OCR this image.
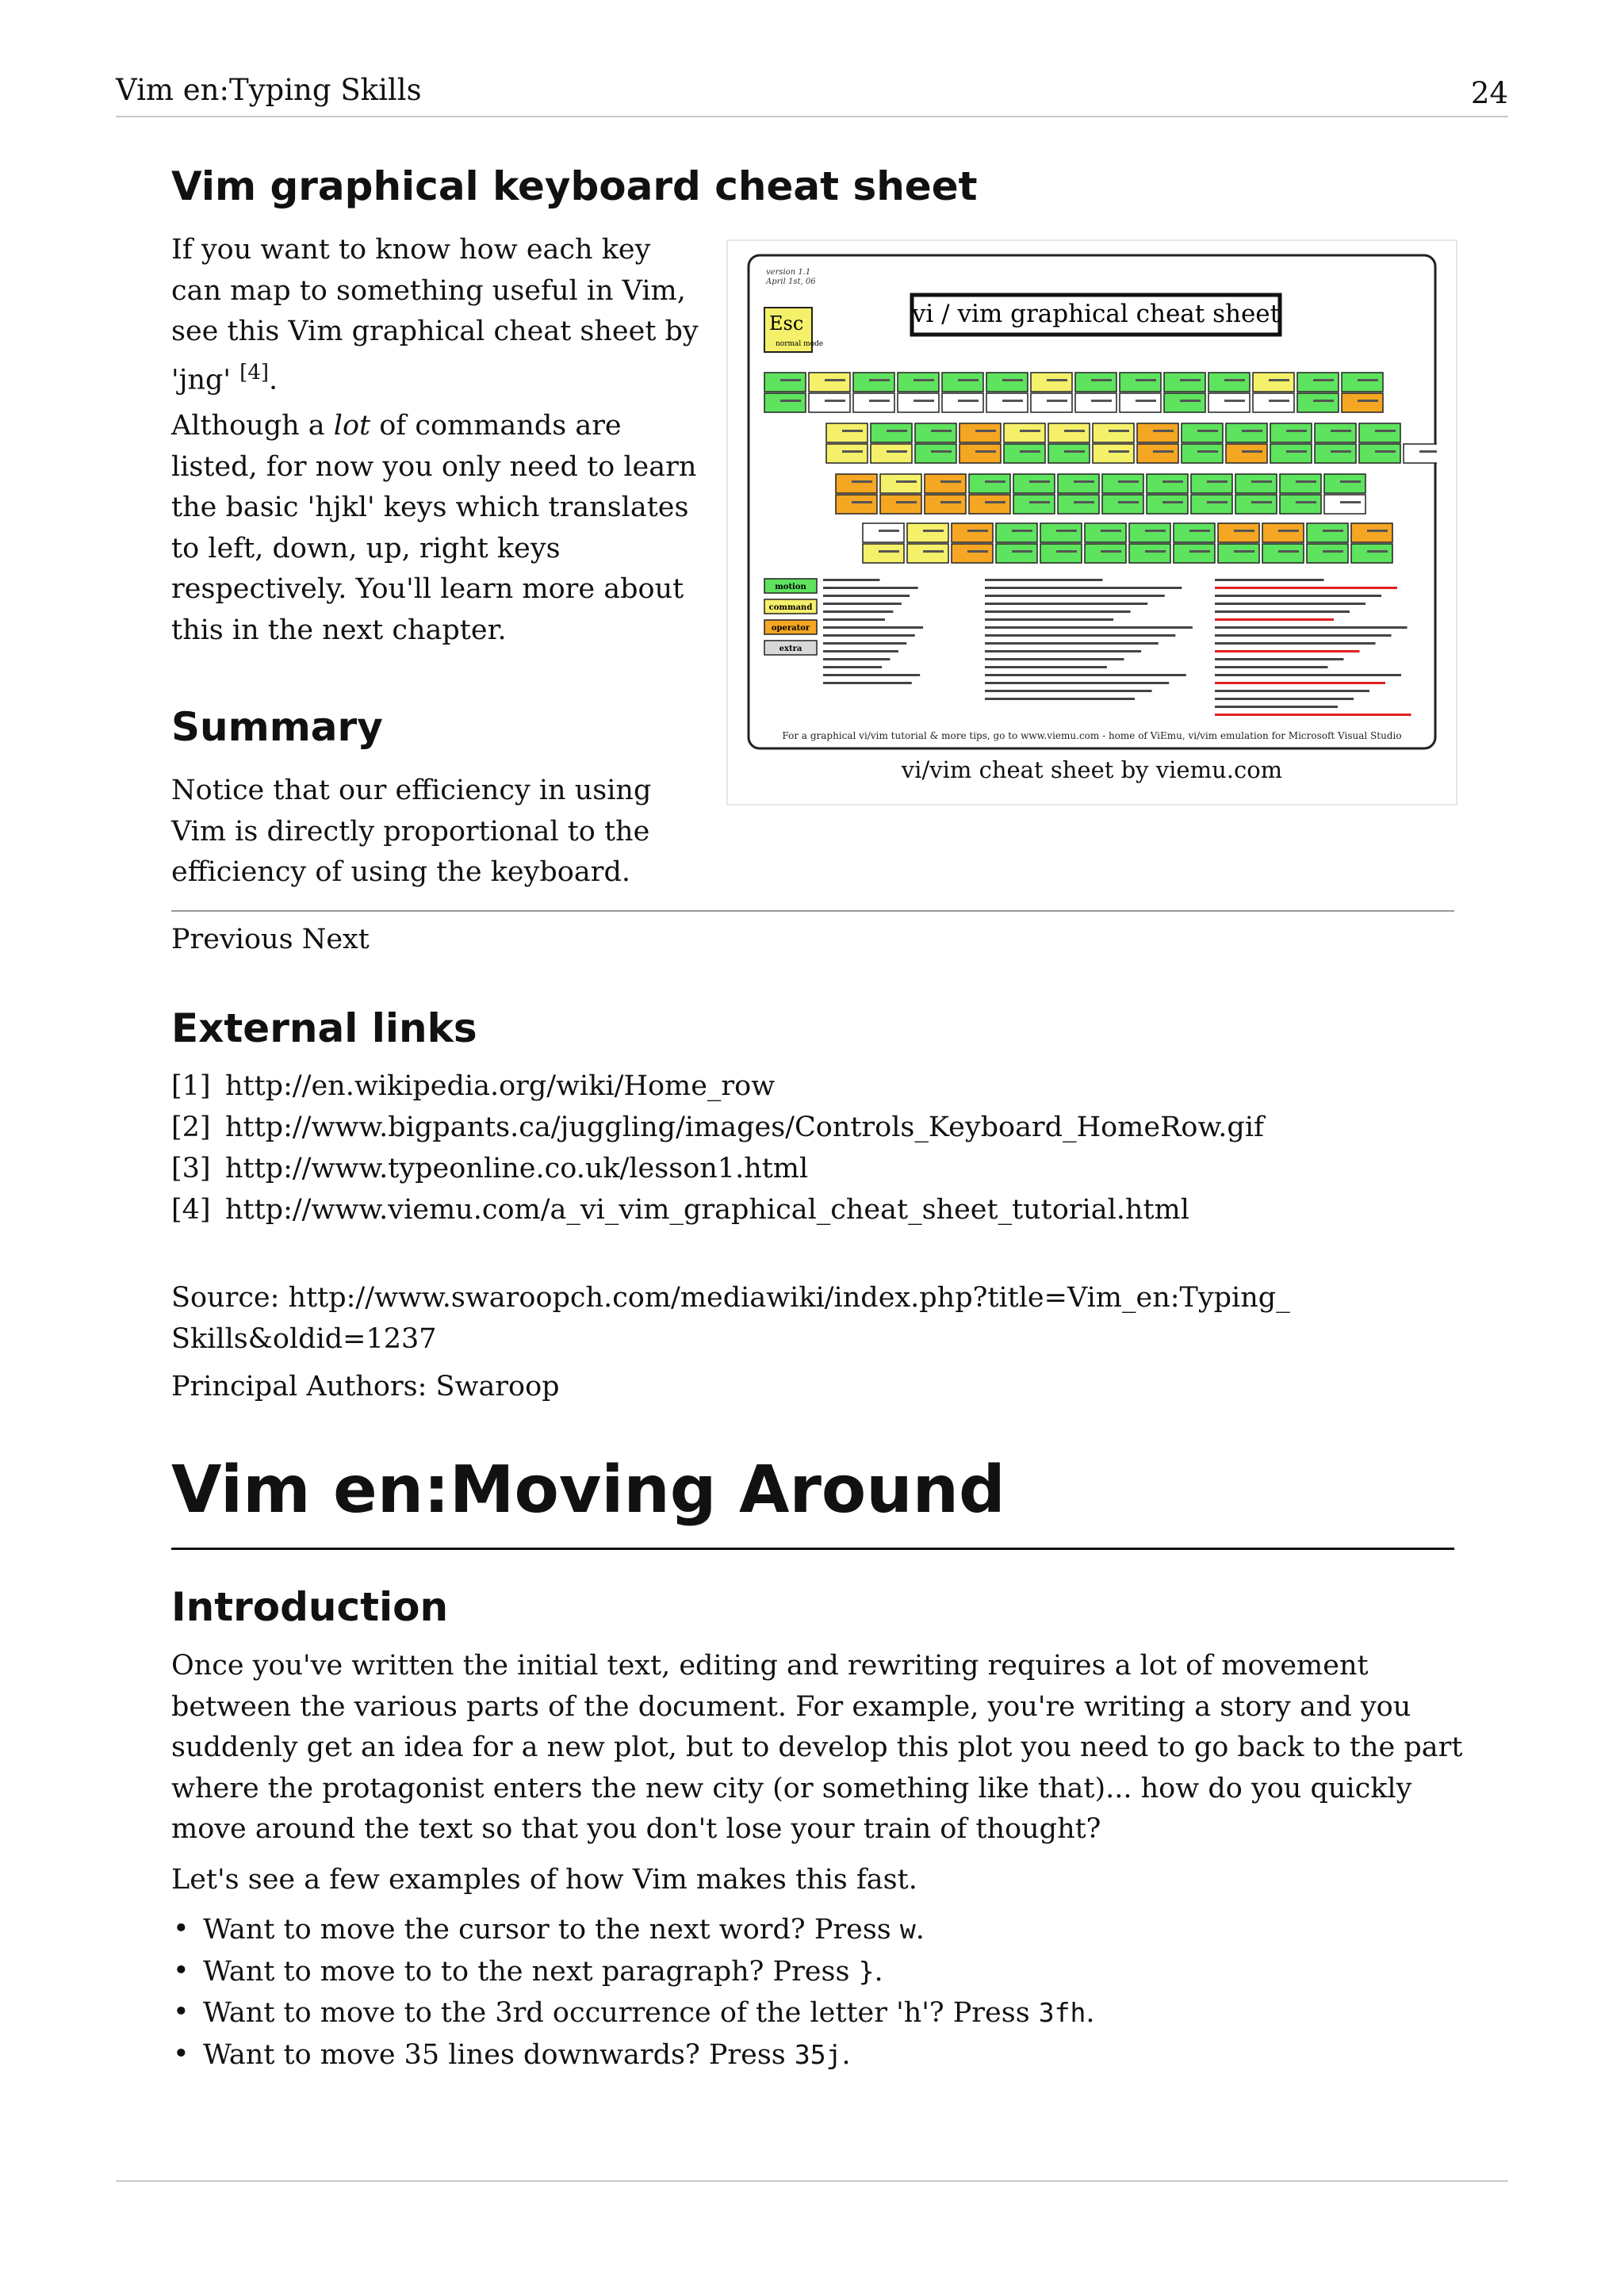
Vim en:Typing Skills	24
Vim graphical keyboard cheat sheet
If you want to know how each key
can map to something useful in Vim,
see this Vim graphical cheat sheet by
'jng' [4].
Although a lot of commands are
listed, for now you only need to learn
the basic 'hjkl' keys which translates
to left, down, up, right keys
respectively. You'll learn more about
this in the next chapter.
version 1.1
April 1st, 06
Esc
normal mode
vi / vim graphical cheat sheet
motion
command
operator
extra
For a graphical vi/vim tutorial & more tips, go to www.viemu.com - home of ViEmu, vi/vim emulation for Microsoft Visual Studio
vi/vim cheat sheet by viemu.com
Summary
Notice that our efficiency in using
Vim is directly proportional to the
efficiency of using the keyboard.
Previous Next
External links
[1] http://en.wikipedia.org/wiki/Home_row
[2] http://www.bigpants.ca/juggling/images/Controls_Keyboard_HomeRow.gif
[3] http://www.typeonline.co.uk/lesson1.html
[4] http://www.viemu.com/a_vi_vim_graphical_cheat_sheet_tutorial.html
Source: http://www.swaroopch.com/mediawiki/index.php?title=Vim_en:Typing_
Skills&oldid=1237
Principal Authors: Swaroop
Vim en:Moving Around
Introduction
Once you've written the initial text, editing and rewriting requires a lot of movement
between the various parts of the document. For example, you're writing a story and you
suddenly get an idea for a new plot, but to develop this plot you need to go back to the part
where the protagonist enters the new city (or something like that)... how do you quickly
move around the text so that you don't lose your train of thought?
Let's see a few examples of how Vim makes this fast.
• Want to move the cursor to the next word? Press w.
• Want to move to to the next paragraph? Press }.
• Want to move to the 3rd occurrence of the letter 'h'? Press 3fh.
• Want to move 35 lines downwards? Press 35j.
